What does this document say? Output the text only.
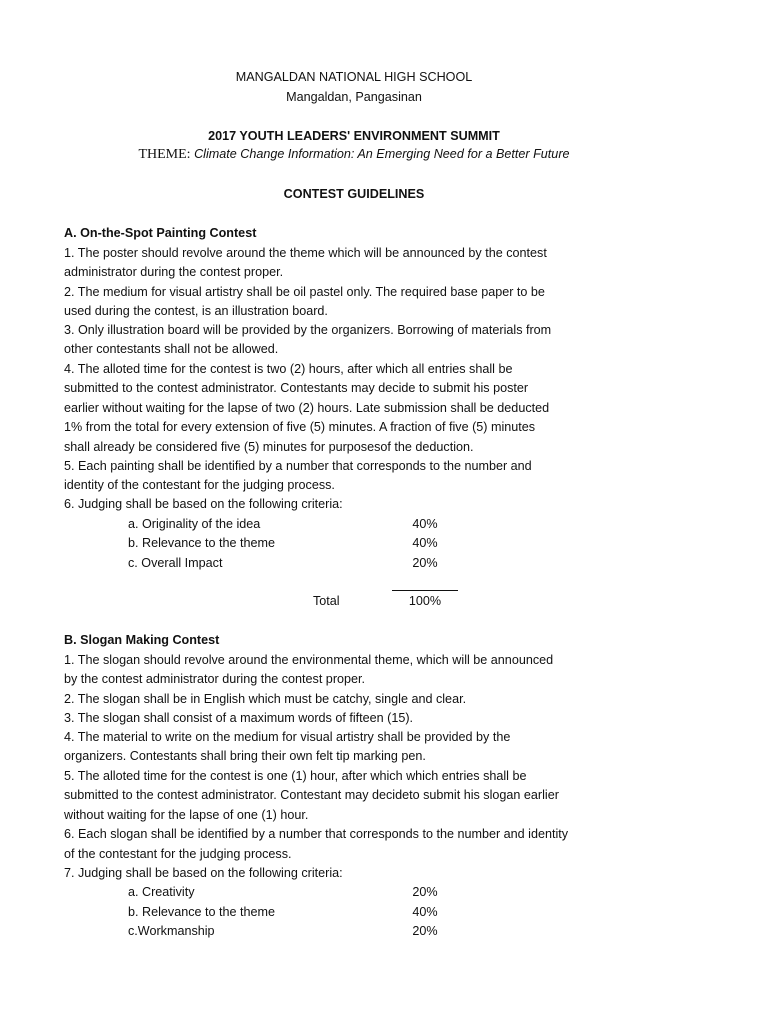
MANGALDAN NATIONAL HIGH SCHOOL
Mangaldan, Pangasinan
2017 YOUTH LEADERS' ENVIRONMENT SUMMIT
THEME: Climate Change Information: An Emerging Need for a Better Future
CONTEST GUIDELINES
A. On-the-Spot Painting Contest
1. The poster should revolve around the theme which will be announced by the contest
administrator during the contest proper.
2. The medium for visual artistry shall be oil pastel only. The required base paper to be
used during the contest, is an illustration board.
3. Only illustration board will be provided by the organizers. Borrowing of materials from
other contestants shall not be allowed.
4. The alloted time for the contest is two (2) hours, after which all entries shall be
submitted to the contest administrator. Contestants may decide to submit his poster
earlier without waiting for the lapse of two (2) hours. Late submission shall be deducted
1% from the total for every extension of five (5) minutes. A fraction of five (5) minutes
shall already be considered five (5) minutes for purposesof the deduction.
5. Each painting shall be identified by a number that corresponds to the number and
identity of the contestant for the judging process.
6. Judging shall be based on the following criteria:
a. Originality of the idea	40%
b. Relevance to the theme	40%
c. Overall Impact	20%
Total	100%
B. Slogan Making Contest
1. The slogan should revolve around the environmental theme, which will be announced
by the contest administrator during the contest proper.
2. The slogan shall be in English which must be catchy, single and clear.
3. The slogan shall consist of a maximum words of fifteen (15).
4. The material to write on the medium for visual artistry shall be provided by the
organizers. Contestants shall bring their own felt tip marking pen.
5. The alloted time for the contest is one (1) hour, after which which entries shall be
submitted to the contest administrator. Contestant may decideto submit his slogan earlier
without waiting for the lapse of one (1) hour.
6. Each slogan shall be identified by a number that corresponds to the number and identity
of the contestant for the judging process.
7. Judging shall be based on the following criteria:
a. Creativity	20%
b. Relevance to the theme	40%
c.Workmanship	20%
